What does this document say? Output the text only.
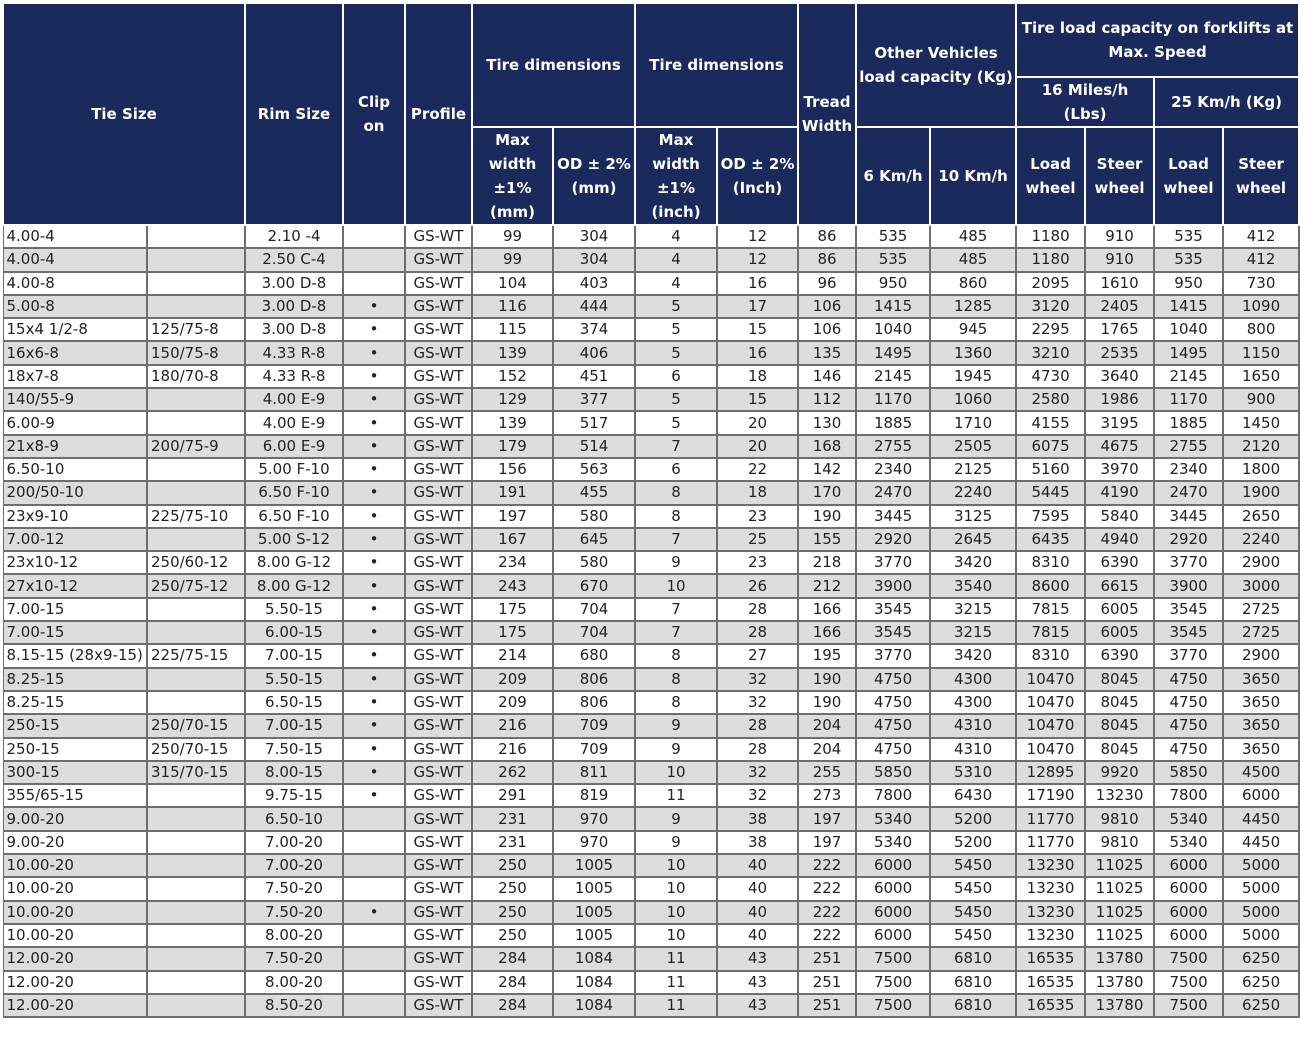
Tie Size		Rim Size	Clip on	Profile	Tire dimensions		Tire dimensions		Tread Width	Other Vehicles load capacity (Kg)		Tire load capacity on forklifts at Max. Speed			
												16 Miles/h (Lbs)		25 Km/h (Kg)	
					Max width ±1% (mm)	OD ± 2% (mm)	Max width ±1% (inch)	OD ± 2% (Inch)		6 Km/h	10 Km/h	Load wheel	Steer wheel	Load wheel	Steer wheel
4.00-4		2.10 -4		GS-WT	99	304	4	12	86	535	485	1180	910	535	412
4.00-4		2.50 C-4		GS-WT	99	304	4	12	86	535	485	1180	910	535	412
4.00-8		3.00 D-8		GS-WT	104	403	4	16	96	950	860	2095	1610	950	730
5.00-8		3.00 D-8	•	GS-WT	116	444	5	17	106	1415	1285	3120	2405	1415	1090
15x4 1/2-8	125/75-8	3.00 D-8	•	GS-WT	115	374	5	15	106	1040	945	2295	1765	1040	800
16x6-8	150/75-8	4.33 R-8	•	GS-WT	139	406	5	16	135	1495	1360	3210	2535	1495	1150
18x7-8	180/70-8	4.33 R-8	•	GS-WT	152	451	6	18	146	2145	1945	4730	3640	2145	1650
140/55-9		4.00 E-9	•	GS-WT	129	377	5	15	112	1170	1060	2580	1986	1170	900
6.00-9		4.00 E-9	•	GS-WT	139	517	5	20	130	1885	1710	4155	3195	1885	1450
21x8-9	200/75-9	6.00 E-9	•	GS-WT	179	514	7	20	168	2755	2505	6075	4675	2755	2120
6.50-10		5.00 F-10	•	GS-WT	156	563	6	22	142	2340	2125	5160	3970	2340	1800
200/50-10		6.50 F-10	•	GS-WT	191	455	8	18	170	2470	2240	5445	4190	2470	1900
23x9-10	225/75-10	6.50 F-10	•	GS-WT	197	580	8	23	190	3445	3125	7595	5840	3445	2650
7.00-12		5.00 S-12	•	GS-WT	167	645	7	25	155	2920	2645	6435	4940	2920	2240
23x10-12	250/60-12	8.00 G-12	•	GS-WT	234	580	9	23	218	3770	3420	8310	6390	3770	2900
27x10-12	250/75-12	8.00 G-12	•	GS-WT	243	670	10	26	212	3900	3540	8600	6615	3900	3000
7.00-15		5.50-15	•	GS-WT	175	704	7	28	166	3545	3215	7815	6005	3545	2725
7.00-15		6.00-15	•	GS-WT	175	704	7	28	166	3545	3215	7815	6005	3545	2725
8.15-15 (28x9-15)	225/75-15	7.00-15	•	GS-WT	214	680	8	27	195	3770	3420	8310	6390	3770	2900
8.25-15		5.50-15	•	GS-WT	209	806	8	32	190	4750	4300	10470	8045	4750	3650
8.25-15		6.50-15	•	GS-WT	209	806	8	32	190	4750	4300	10470	8045	4750	3650
250-15	250/70-15	7.00-15	•	GS-WT	216	709	9	28	204	4750	4310	10470	8045	4750	3650
250-15	250/70-15	7.50-15	•	GS-WT	216	709	9	28	204	4750	4310	10470	8045	4750	3650
300-15	315/70-15	8.00-15	•	GS-WT	262	811	10	32	255	5850	5310	12895	9920	5850	4500
355/65-15		9.75-15	•	GS-WT	291	819	11	32	273	7800	6430	17190	13230	7800	6000
9.00-20		6.50-10		GS-WT	231	970	9	38	197	5340	5200	11770	9810	5340	4450
9.00-20		7.00-20		GS-WT	231	970	9	38	197	5340	5200	11770	9810	5340	4450
10.00-20		7.00-20		GS-WT	250	1005	10	40	222	6000	5450	13230	11025	6000	5000
10.00-20		7.50-20		GS-WT	250	1005	10	40	222	6000	5450	13230	11025	6000	5000
10.00-20		7.50-20	•	GS-WT	250	1005	10	40	222	6000	5450	13230	11025	6000	5000
10.00-20		8.00-20		GS-WT	250	1005	10	40	222	6000	5450	13230	11025	6000	5000
12.00-20		7.50-20		GS-WT	284	1084	11	43	251	7500	6810	16535	13780	7500	6250
12.00-20		8.00-20		GS-WT	284	1084	11	43	251	7500	6810	16535	13780	7500	6250
12.00-20		8.50-20		GS-WT	284	1084	11	43	251	7500	6810	16535	13780	7500	6250
